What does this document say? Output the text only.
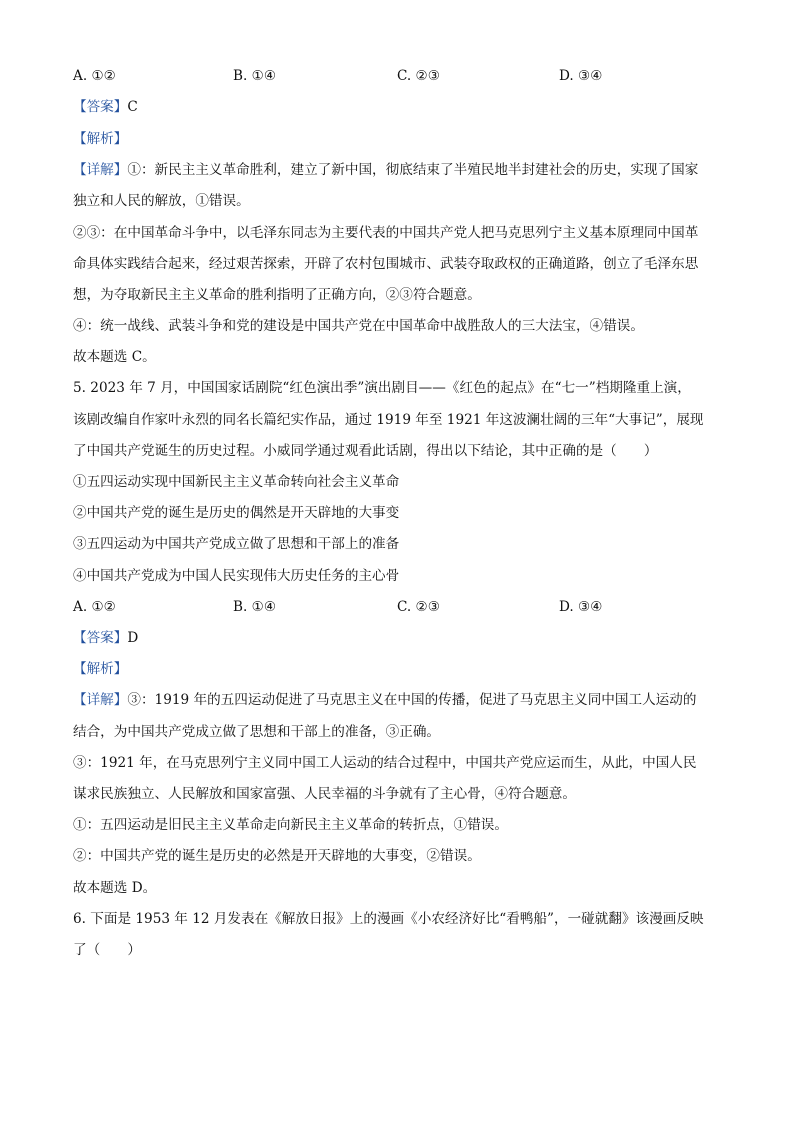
A. ①②	B. ①④	C. ②③	D. ③④
【答案】C
【解析】
【详解】①：新民主主义革命胜利，建立了新中国，彻底结束了半殖民地半封建社会的历史，实现了国家
独立和人民的解放，①错误。
②③：在中国革命斗争中，以毛泽东同志为主要代表的中国共产党人把马克思列宁主义基本原理同中国革
命具体实践结合起来，经过艰苦探索，开辟了农村包围城市、武装夺取政权的正确道路，创立了毛泽东思
想，为夺取新民主主义革命的胜利指明了正确方向，②③符合题意。
④：统一战线、武装斗争和党的建设是中国共产党在中国革命中战胜敌人的三大法宝，④错误。
故本题选 C。
5. 2023 年 7 月，中国国家话剧院“红色演出季”演出剧目——《红色的起点》在“七一”档期隆重上演，
该剧改编自作家叶永烈的同名长篇纪实作品，通过 1919 年至 1921 年这波澜壮阔的三年“大事记”，展现
了中国共产党诞生的历史过程。小威同学通过观看此话剧，得出以下结论，其中正确的是（　　）
①五四运动实现中国新民主主义革命转向社会主义革命
②中国共产党的诞生是历史的偶然是开天辟地的大事变
③五四运动为中国共产党成立做了思想和干部上的准备
④中国共产党成为中国人民实现伟大历史任务的主心骨
A. ①②	B. ①④	C. ②③	D. ③④
【答案】D
【解析】
【详解】③：1919 年的五四运动促进了马克思主义在中国的传播，促进了马克思主义同中国工人运动的
结合，为中国共产党成立做了思想和干部上的准备，③正确。
③：1921 年，在马克思列宁主义同中国工人运动的结合过程中，中国共产党应运而生，从此，中国人民
谋求民族独立、人民解放和国家富强、人民幸福的斗争就有了主心骨，④符合题意。
①：五四运动是旧民主主义革命走向新民主主义革命的转折点，①错误。
②：中国共产党的诞生是历史的必然是开天辟地的大事变，②错误。
故本题选 D。
6. 下面是 1953 年 12 月发表在《解放日报》上的漫画《小农经济好比“看鸭船”，一碰就翻》该漫画反映
了（　　）
